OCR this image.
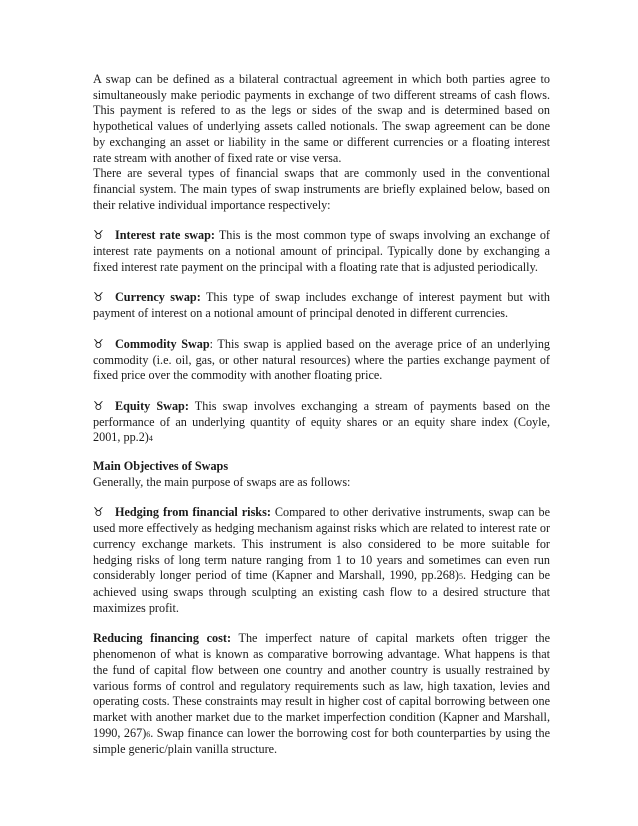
A swap can be defined as a bilateral contractual agreement in which both parties agree to simultaneously make periodic payments in exchange of two different streams of cash flows. This payment is refered to as the legs or sides of the swap and is determined based on hypothetical values of underlying assets called notionals. The swap agreement can be done by exchanging an asset or liability in the same or different currencies or a floating interest rate stream with another of fixed rate or vise versa.

There are several types of financial swaps that are commonly used in the conventional financial system. The main types of swap instruments are briefly explained below, based on their relative individual importance respectively:

♉ Interest rate swap: This is the most common type of swaps involving an exchange of interest rate payments on a notional amount of principal. Typically done by exchanging a fixed interest rate payment on the principal with a floating rate that is adjusted periodically.

♉ Currency swap: This type of swap includes exchange of interest payment but with payment of interest on a notional amount of principal denoted in different currencies.

♉ Commodity Swap: This swap is applied based on the average price of an underlying commodity (i.e. oil, gas, or other natural resources) where the parties exchange payment of fixed price over the commodity with another floating price.

♉ Equity Swap: This swap involves exchanging a stream of payments based on the performance of an underlying quantity of equity shares or an equity share index (Coyle, 2001, pp.2)4

Main Objectives of Swaps

Generally, the main purpose of swaps are as follows:

♉ Hedging from financial risks: Compared to other derivative instruments, swap can be used more effectively as hedging mechanism against risks which are related to interest rate or currency exchange markets. This instrument is also considered to be more suitable for hedging risks of long term nature ranging from 1 to 10 years and sometimes can even run considerably longer period of time (Kapner and Marshall, 1990, pp.268)5. Hedging can be achieved using swaps through sculpting an existing cash flow to a desired structure that maximizes profit.

Reducing financing cost: The imperfect nature of capital markets often trigger the phenomenon of what is known as comparative borrowing advantage. What happens is that the fund of capital flow between one country and another country is usually restrained by various forms of control and regulatory requirements such as law, high taxation, levies and operating costs. These constraints may result in higher cost of capital borrowing between one market with another market due to the market imperfection condition (Kapner and Marshall, 1990, 267)6. Swap finance can lower the borrowing cost for both counterparties by using the simple generic/plain vanilla structure.
